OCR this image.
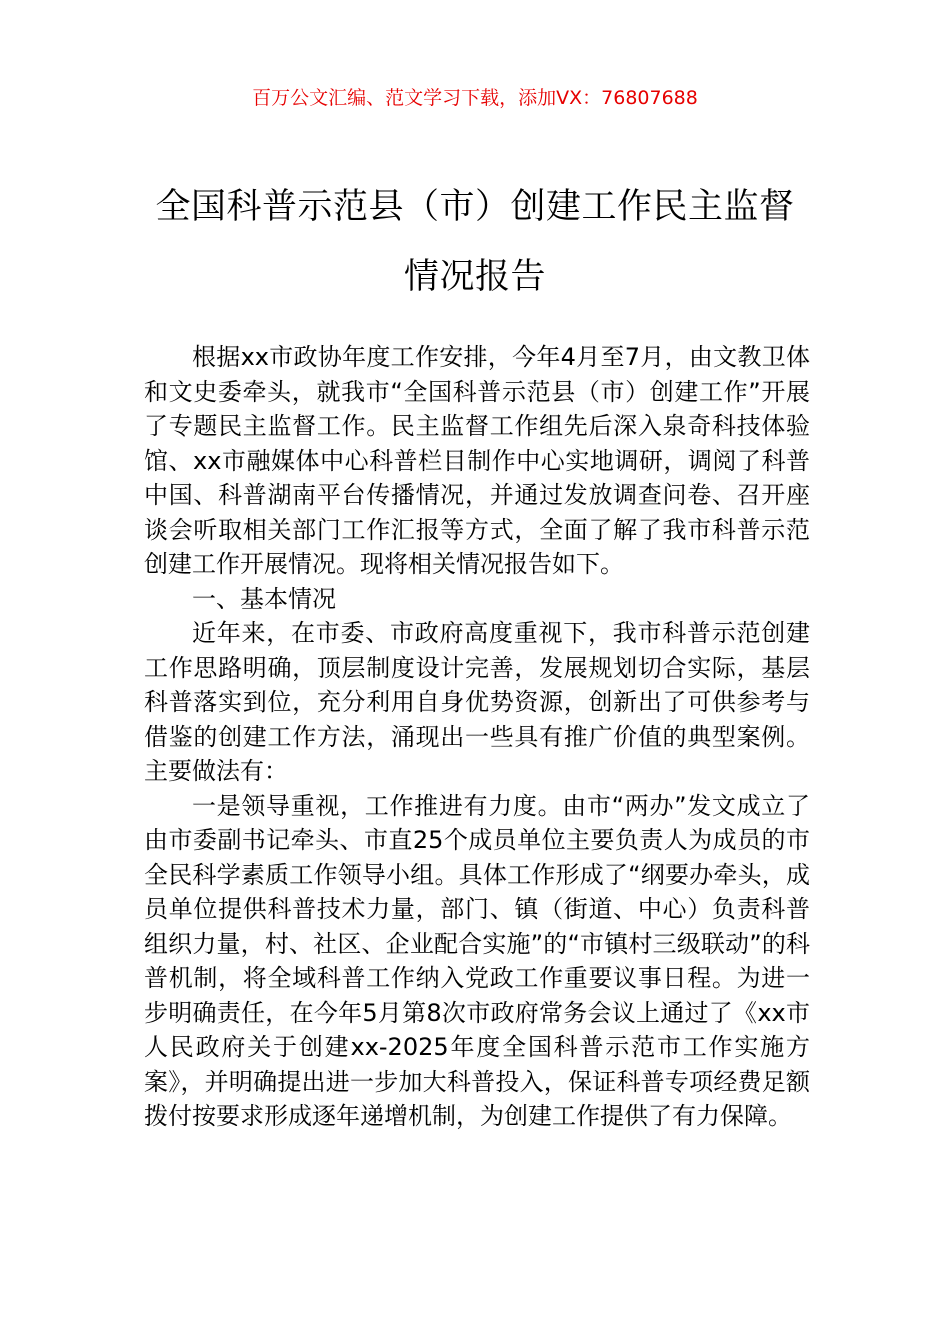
百万公文汇编、范文学习下载，添加VX：76807688
全国科普示范县（市）创建工作民主监督
情况报告

根据xx市政协年度工作安排，今年4月至7月，由文教卫体和文史委牵头，就我市“全国科普示范县（市）创建工作”开展了专题民主监督工作。民主监督工作组先后深入泉奇科技体验馆、xx市融媒体中心科普栏目制作中心实地调研，调阅了科普中国、科普湖南平台传播情况，并通过发放调查问卷、召开座谈会听取相关部门工作汇报等方式，全面了解了我市科普示范创建工作开展情况。现将相关情况报告如下。

一、基本情况

近年来，在市委、市政府高度重视下，我市科普示范创建工作思路明确，顶层制度设计完善，发展规划切合实际，基层科普落实到位，充分利用自身优势资源，创新出了可供参考与借鉴的创建工作方法，涌现出一些具有推广价值的典型案例。主要做法有：

一是领导重视，工作推进有力度。由市“两办”发文成立了由市委副书记牵头、市直25个成员单位主要负责人为成员的市全民科学素质工作领导小组。具体工作形成了“纲要办牵头，成员单位提供科普技术力量，部门、镇（街道、中心）负责科普组织力量，村、社区、企业配合实施”的“市镇村三级联动”的科普机制，将全域科普工作纳入党政工作重要议事日程。为进一步明确责任，在今年5月第8次市政府常务会议上通过了《xx市人民政府关于创建xx-2025年度全国科普示范市工作实施方案》，并明确提出进一步加大科普投入，保证科普专项经费足额拨付按要求形成逐年递增机制，为创建工作提供了有力保障。
